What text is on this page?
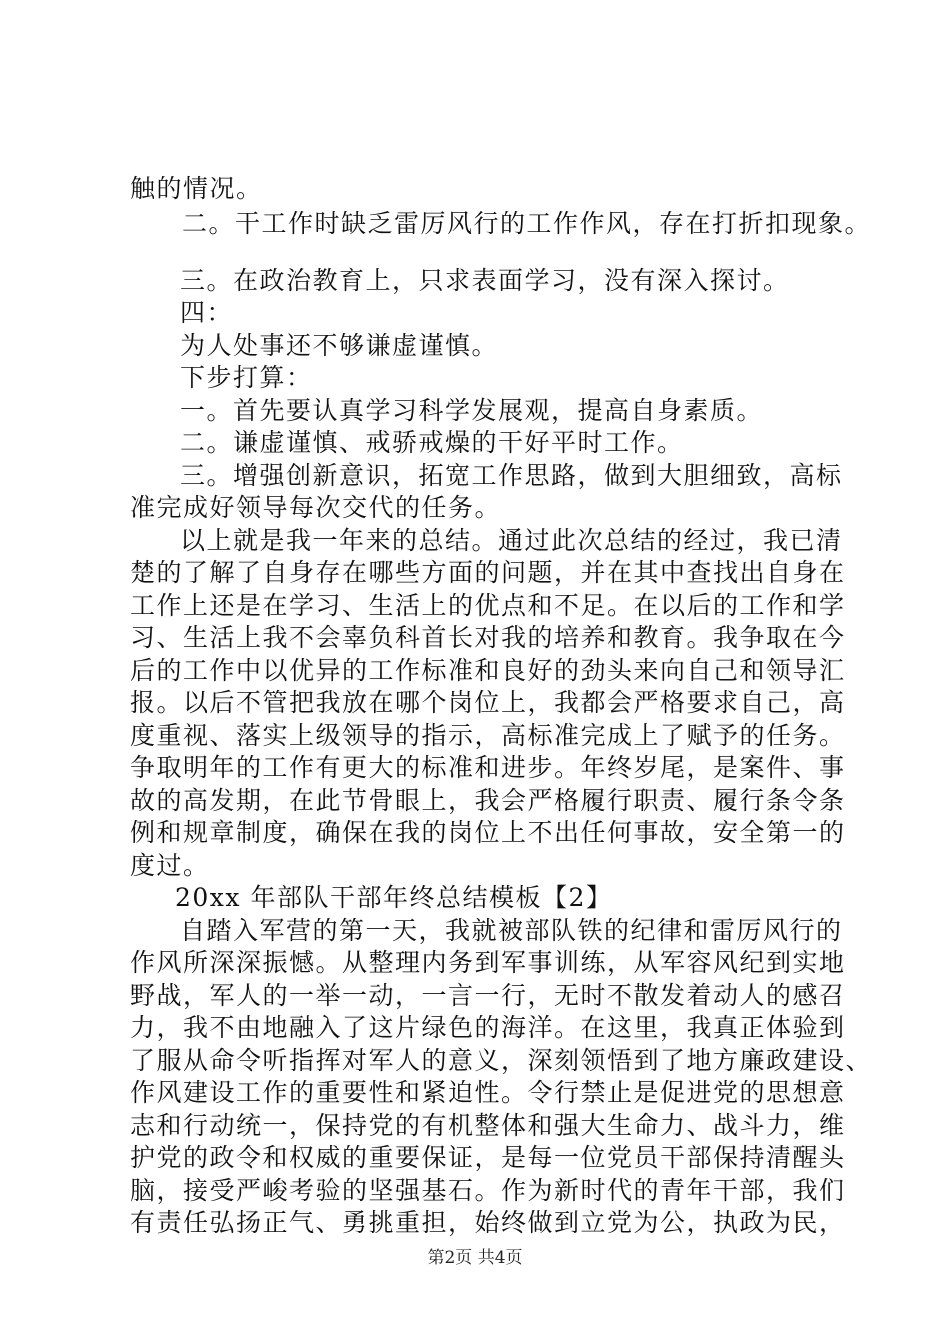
触的情况。
二。干工作时缺乏雷厉风行的工作作风，存在打折扣现象。
三。在政治教育上，只求表面学习，没有深入探讨。
四：
为人处事还不够谦虚谨慎。
下步打算：
一。首先要认真学习科学发展观，提高自身素质。
二。谦虚谨慎、戒骄戒燥的干好平时工作。
三。增强创新意识，拓宽工作思路，做到大胆细致，高标
准完成好领导每次交代的任务。
以上就是我一年来的总结。通过此次总结的经过，我已清
楚的了解了自身存在哪些方面的问题，并在其中查找出自身在
工作上还是在学习、生活上的优点和不足。在以后的工作和学
习、生活上我不会辜负科首长对我的培养和教育。我争取在今
后的工作中以优异的工作标准和良好的劲头来向自己和领导汇
报。以后不管把我放在哪个岗位上，我都会严格要求自己，高
度重视、落实上级领导的指示，高标准完成上了赋予的任务。
争取明年的工作有更大的标准和进步。年终岁尾，是案件、事
故的高发期，在此节骨眼上，我会严格履行职责、履行条令条
例和规章制度，确保在我的岗位上不出任何事故，安全第一的
度过。
20xx 年部队干部年终总结模板【2】
自踏入军营的第一天，我就被部队铁的纪律和雷厉风行的
作风所深深振憾。从整理内务到军事训练，从军容风纪到实地
野战，军人的一举一动，一言一行，无时不散发着动人的感召
力，我不由地融入了这片绿色的海洋。在这里，我真正体验到
了服从命令听指挥对军人的意义，深刻领悟到了地方廉政建设、
作风建设工作的重要性和紧迫性。令行禁止是促进党的思想意
志和行动统一，保持党的有机整体和强大生命力、战斗力，维
护党的政令和权威的重要保证，是每一位党员干部保持清醒头
脑，接受严峻考验的坚强基石。作为新时代的青年干部，我们
有责任弘扬正气、勇挑重担，始终做到立党为公，执政为民，
第2页 共4页
